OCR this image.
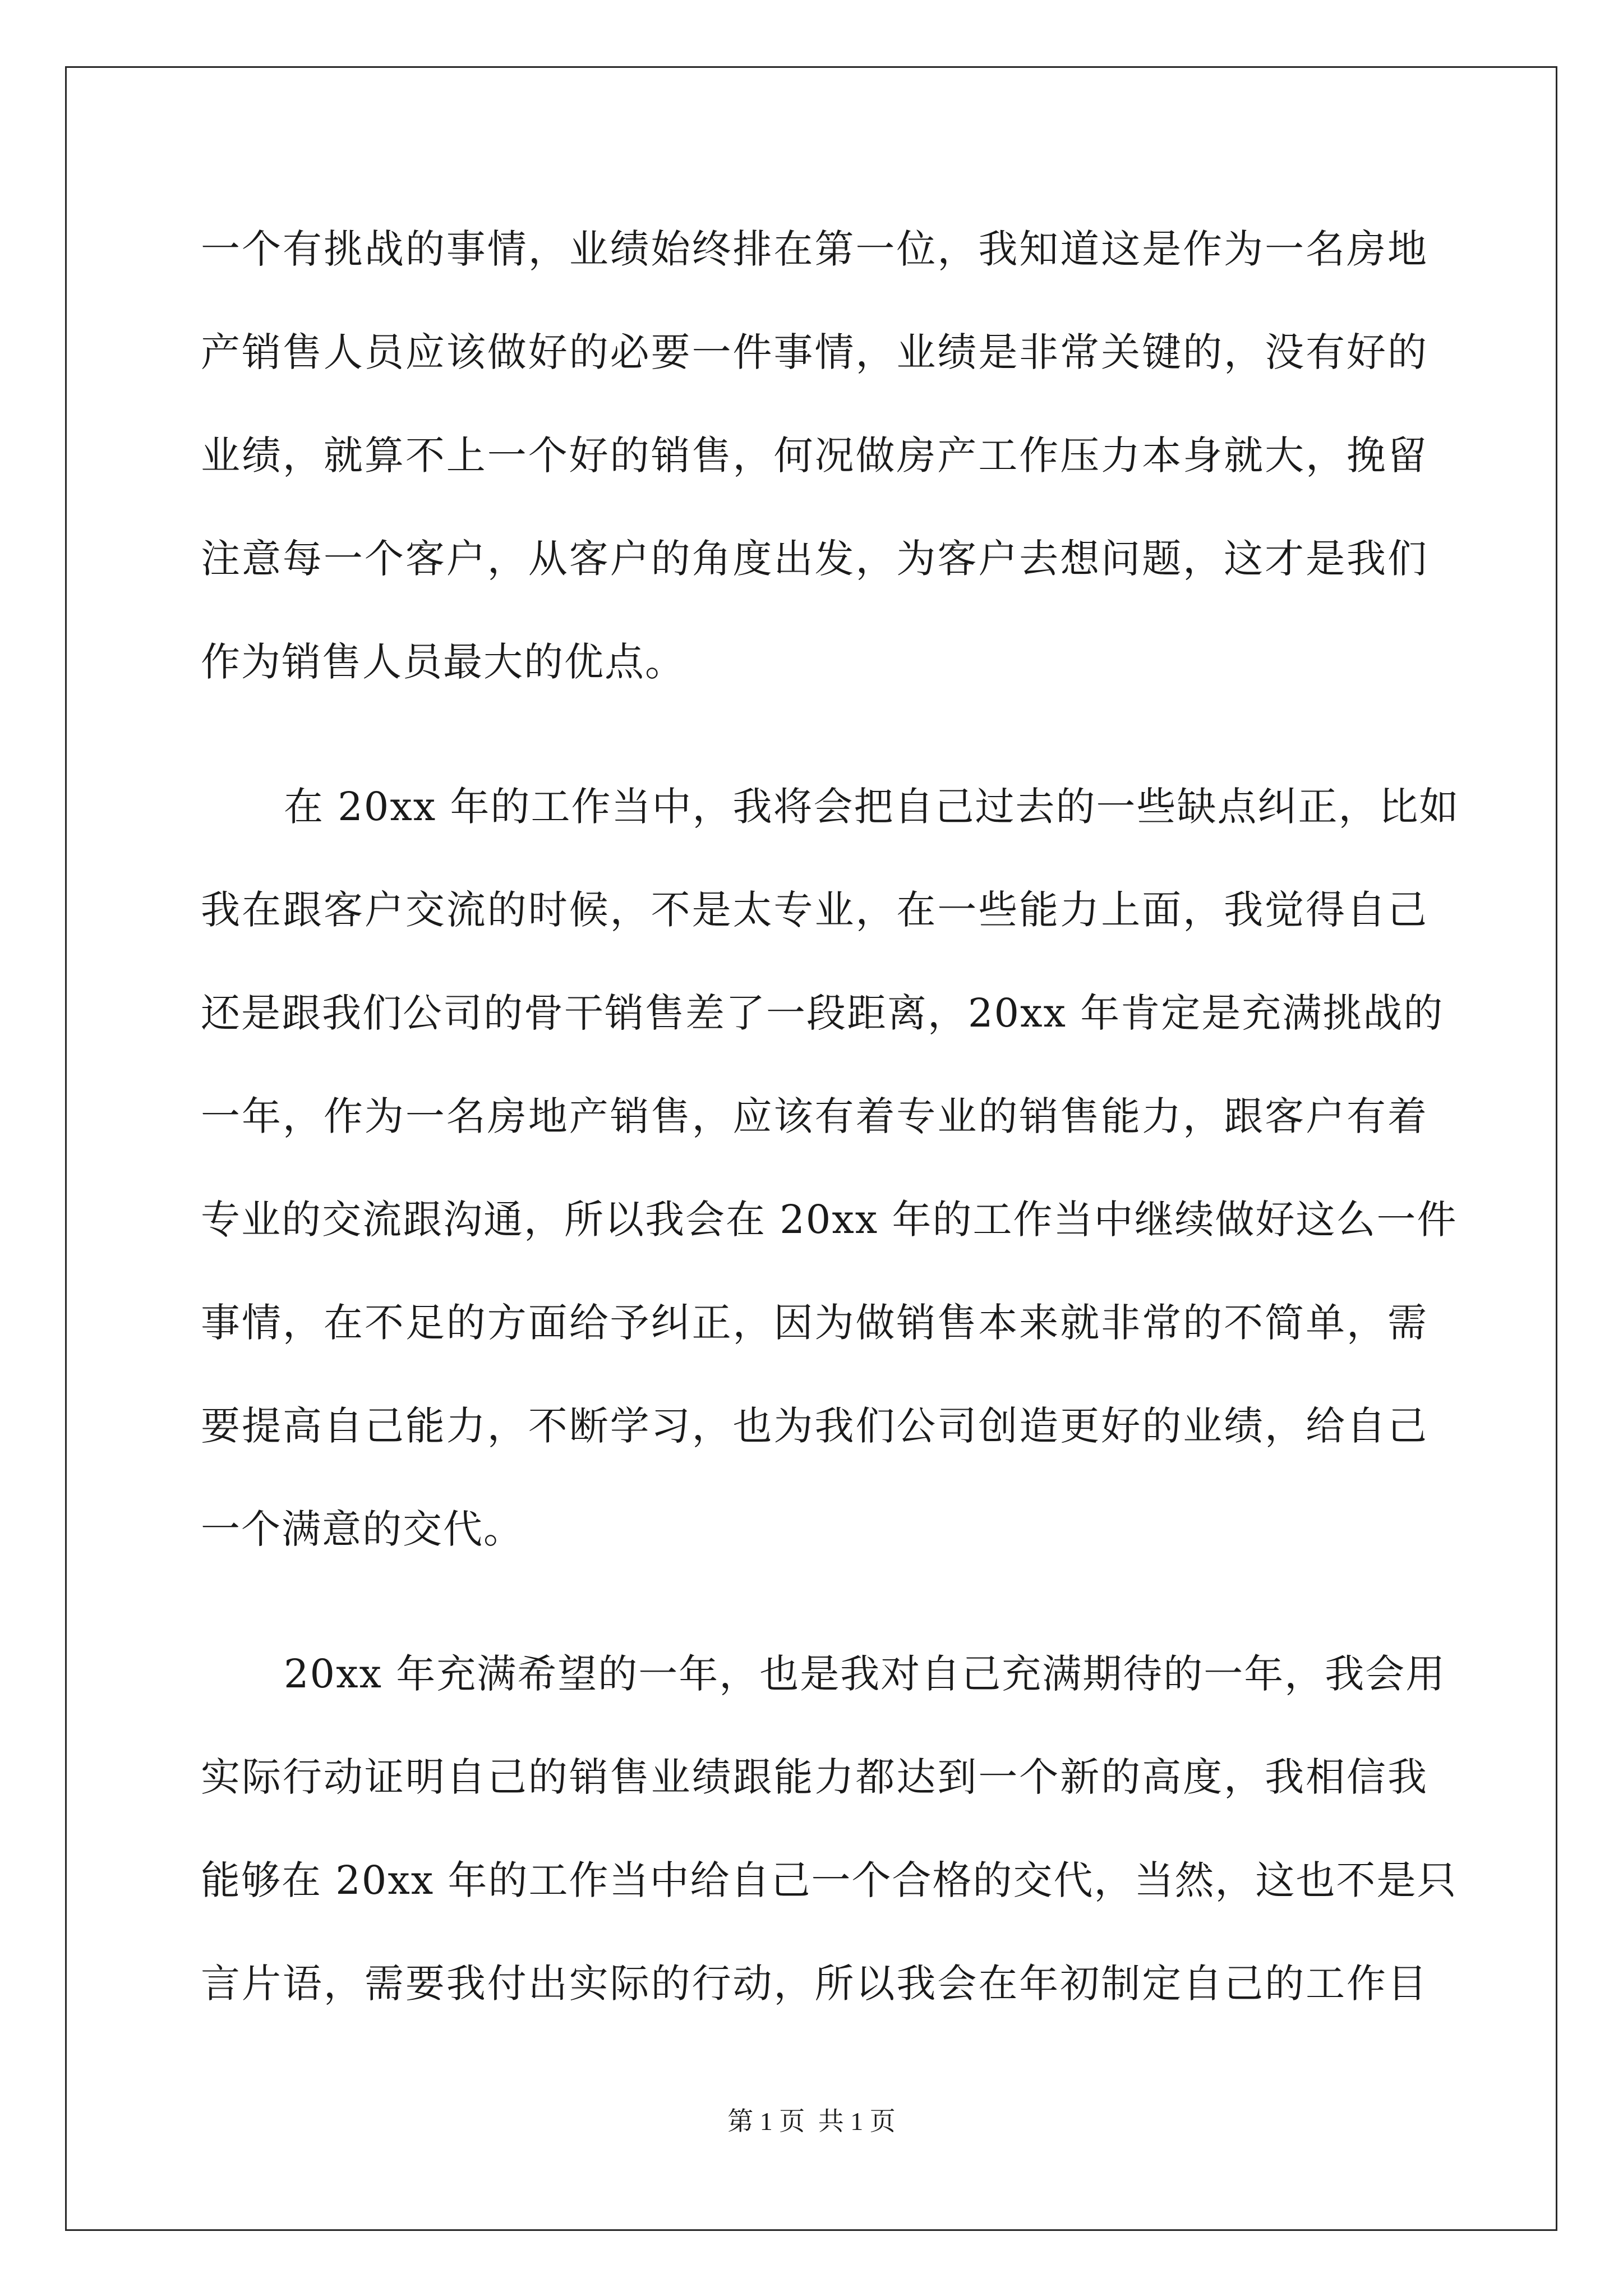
一个有挑战的事情，业绩始终排在第一位，我知道这是作为一名房地
产销售人员应该做好的必要一件事情，业绩是非常关键的，没有好的
业绩，就算不上一个好的销售，何况做房产工作压力本身就大，挽留
注意每一个客户，从客户的角度出发，为客户去想问题，这才是我们
作为销售人员最大的优点。
在 20xx 年的工作当中，我将会把自己过去的一些缺点纠正，比如
我在跟客户交流的时候，不是太专业，在一些能力上面，我觉得自己
还是跟我们公司的骨干销售差了一段距离，20xx 年肯定是充满挑战的
一年，作为一名房地产销售，应该有着专业的销售能力，跟客户有着
专业的交流跟沟通，所以我会在 20xx 年的工作当中继续做好这么一件
事情，在不足的方面给予纠正，因为做销售本来就非常的不简单，需
要提高自己能力，不断学习，也为我们公司创造更好的业绩，给自己
一个满意的交代。
20xx 年充满希望的一年，也是我对自己充满期待的一年，我会用
实际行动证明自己的销售业绩跟能力都达到一个新的高度，我相信我
能够在 20xx 年的工作当中给自己一个合格的交代，当然，这也不是只
言片语，需要我付出实际的行动，所以我会在年初制定自己的工作目
第 1 页 共 1 页
